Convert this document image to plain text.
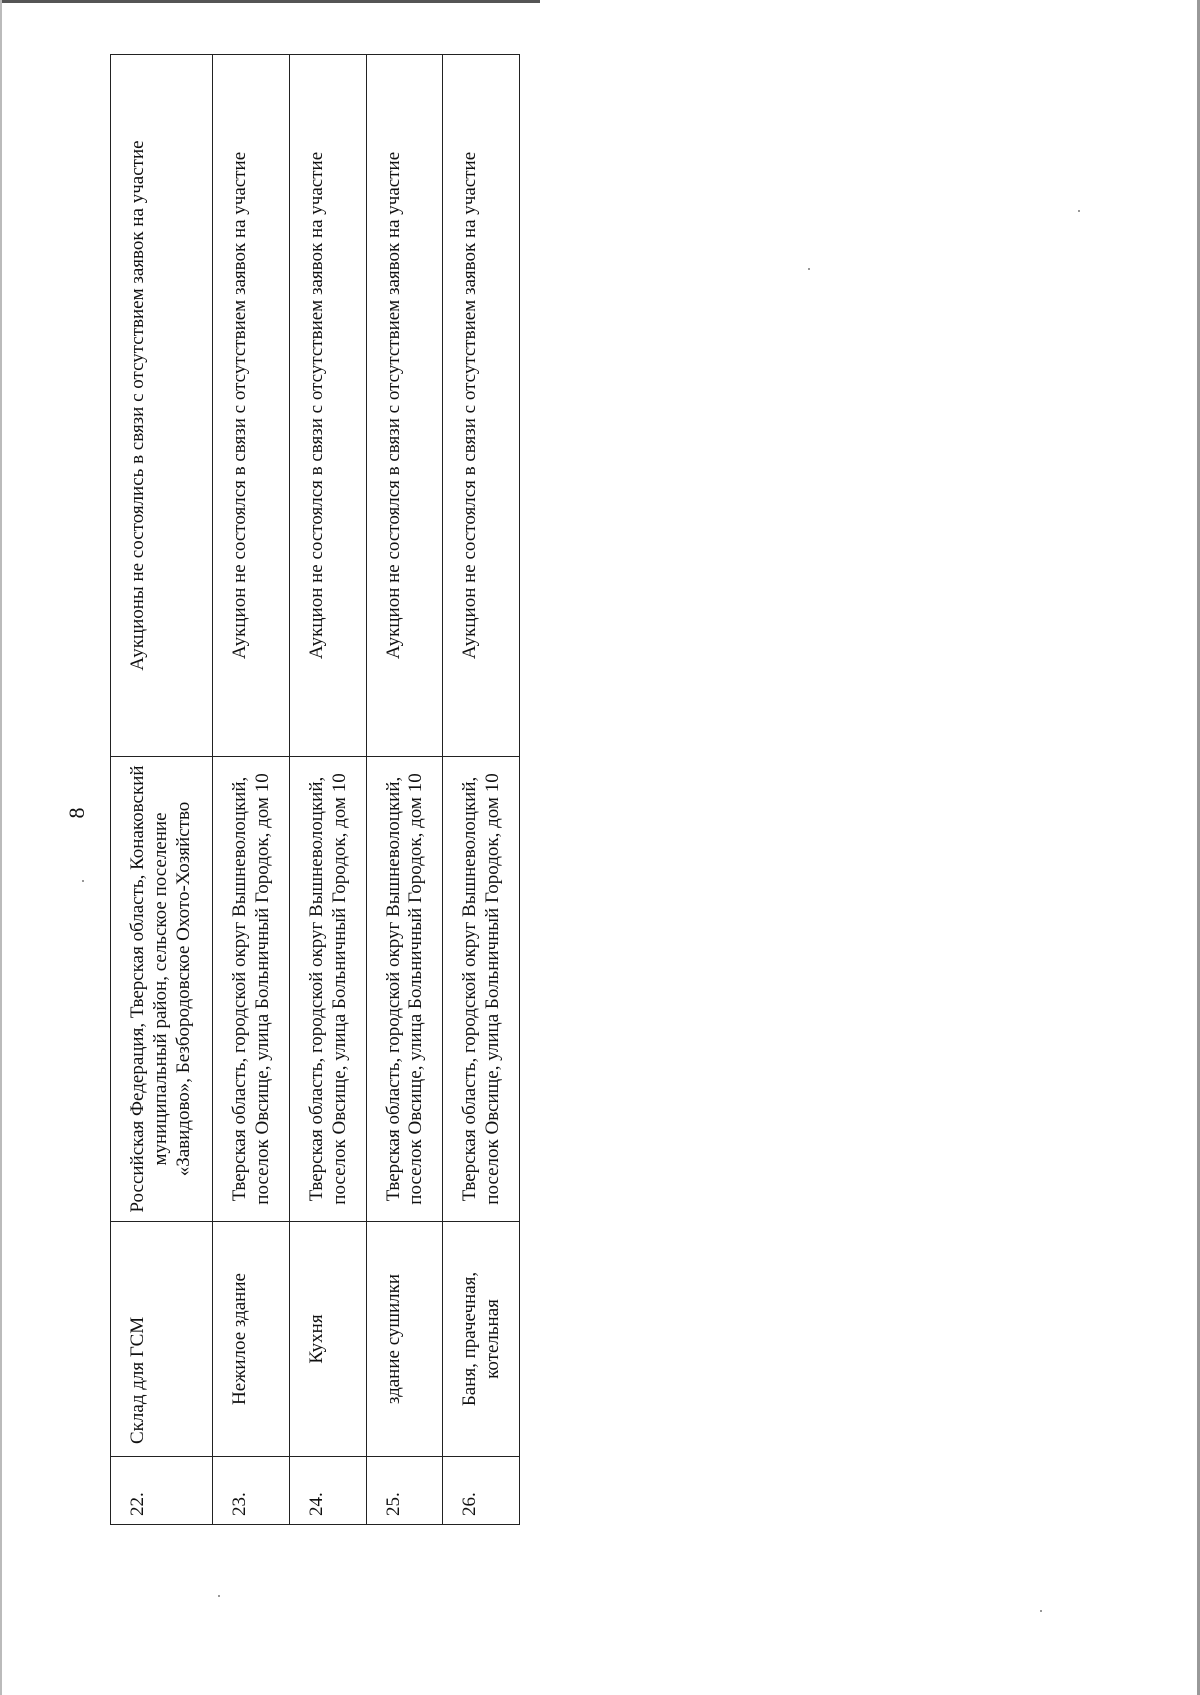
8
22.	Склад для ГСМ	Российская Федерация, Тверская область, Конаковский муниципальный район, сельское поселение «Завидово», Безбородовское Охото-Хозяйство	Аукционы не состоялись в связи с отсутствием заявок на участие
23.	Нежилое здание	Тверская область, городской округ Вышневолоцкий, поселок Овсище, улица Больничный Городок, дом 10	Аукцион не состоялся в связи с отсутствием заявок на участие
24.	Кухня	Тверская область, городской округ Вышневолоцкий, поселок Овсище, улица Больничный Городок, дом 10	Аукцион не состоялся в связи с отсутствием заявок на участие
25.	здание сушилки	Тверская область, городской округ Вышневолоцкий, поселок Овсище, улица Больничный Городок, дом 10	Аукцион не состоялся в связи с отсутствием заявок на участие
26.	Баня, прачечная, котельная	Тверская область, городской округ Вышневолоцкий, поселок Овсище, улица Больничный Городок, дом 10	Аукцион не состоялся в связи с отсутствием заявок на участие
